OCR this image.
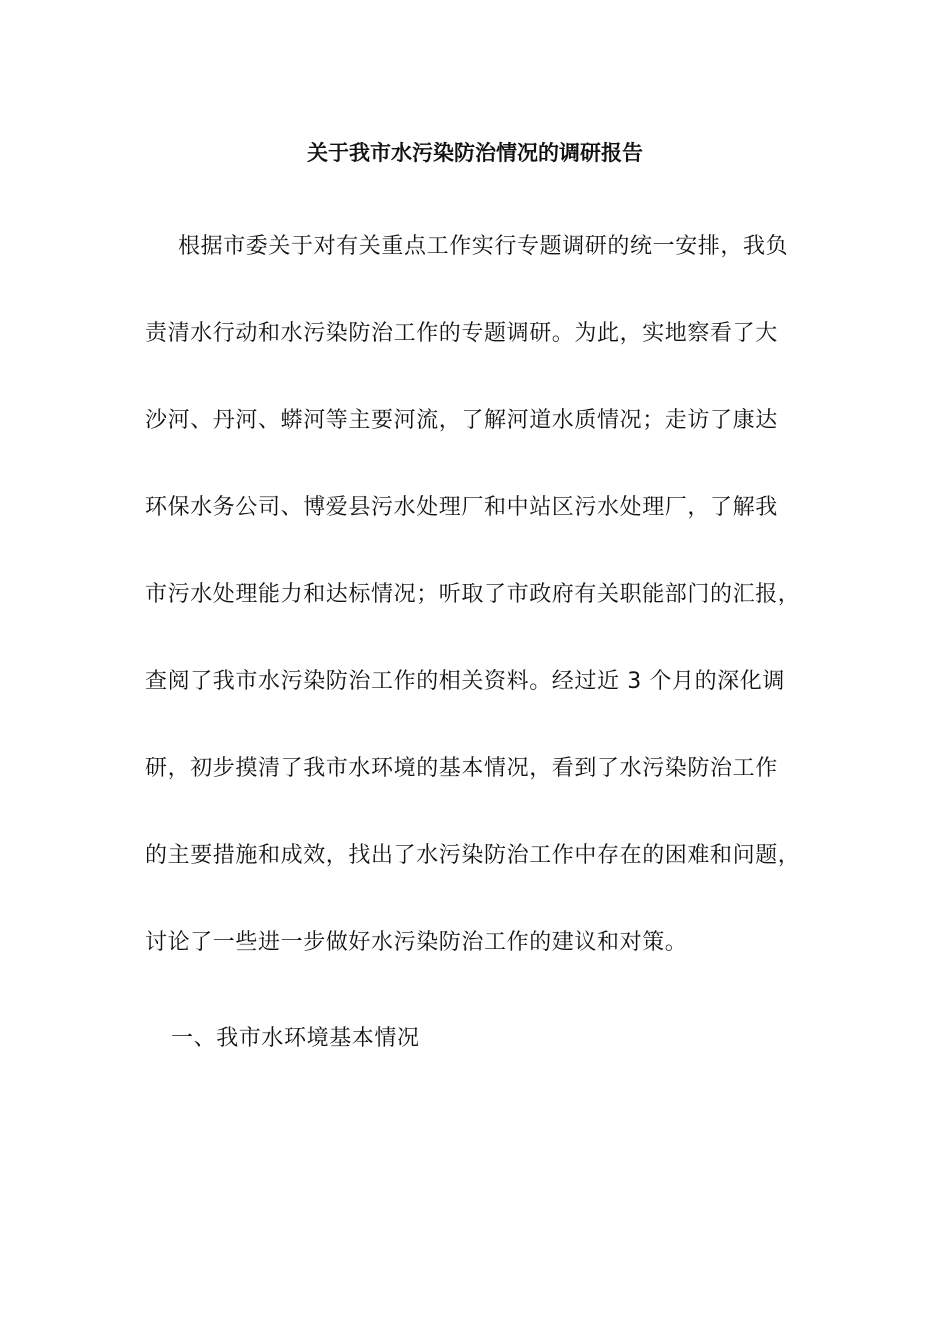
关于我市水污染防治情况的调研报告
根据市委关于对有关重点工作实行专题调研的统一安排，我负
责清水行动和水污染防治工作的专题调研。为此，实地察看了大
沙河、丹河、蟒河等主要河流，了解河道水质情况；走访了康达
环保水务公司、博爱县污水处理厂和中站区污水处理厂，了解我
市污水处理能力和达标情况；听取了市政府有关职能部门的汇报，
查阅了我市水污染防治工作的相关资料。经过近 3 个月的深化调
研，初步摸清了我市水环境的基本情况，看到了水污染防治工作
的主要措施和成效，找出了水污染防治工作中存在的困难和问题，
讨论了一些进一步做好水污染防治工作的建议和对策。
一、我市水环境基本情况
